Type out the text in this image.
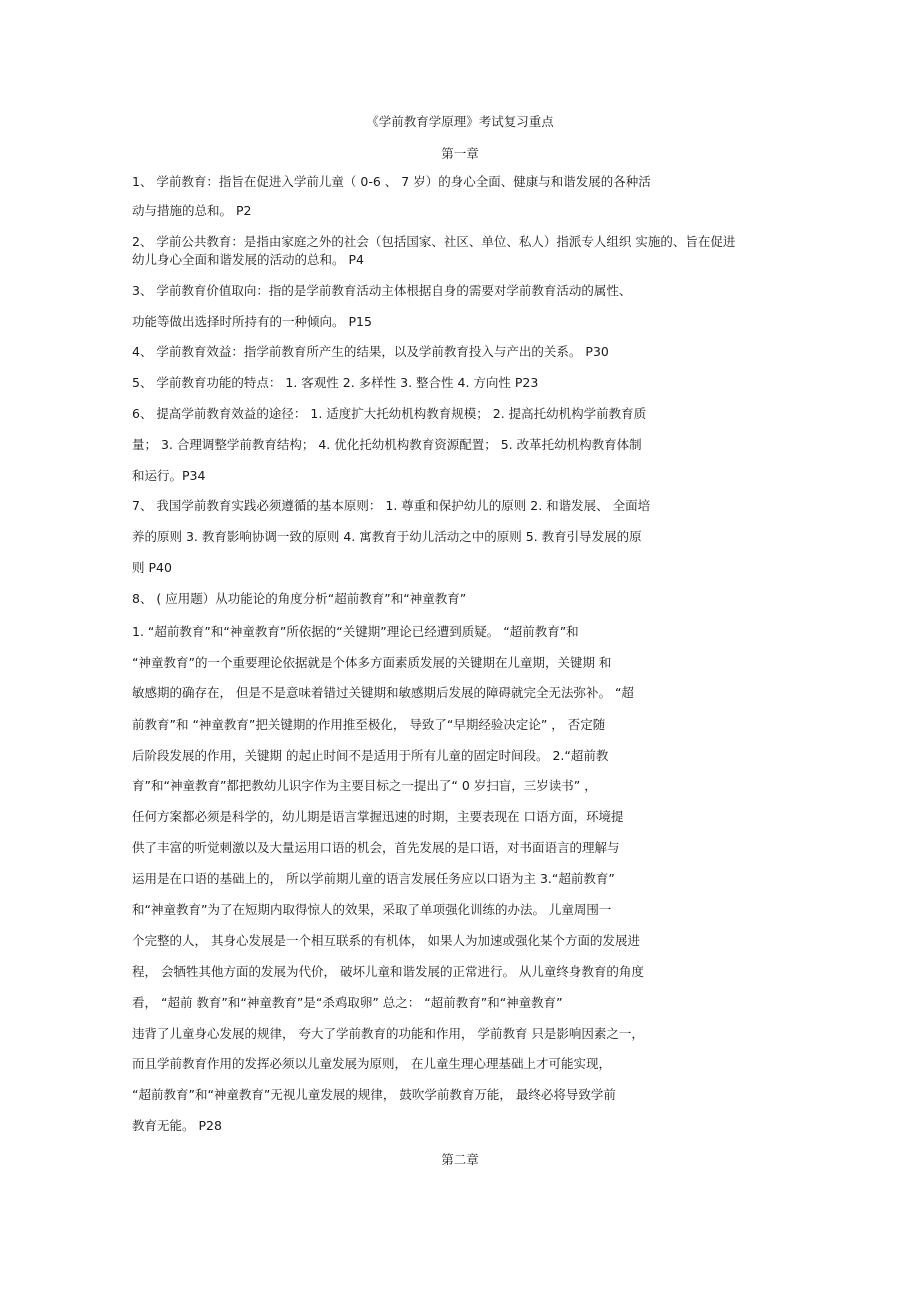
《学前教育学原理》考试复习重点
第一章
1、 学前教育：指旨在促进入学前儿童（ 0-6 、 7 岁）的身心全面、健康与和谐发展的各种活
动与措施的总和。 P2
2、 学前公共教育：是指由家庭之外的社会（包括国家、社区、单位、私人）指派专人组织 实施的、旨在促进
幼儿身心全面和谐发展的活动的总和。 P4
3、 学前教育价值取向：指的是学前教育活动主体根据自身的需要对学前教育活动的属性、
功能等做出选择时所持有的一种倾向。 P15
4、 学前教育效益：指学前教育所产生的结果，以及学前教育投入与产出的关系。 P30
5、 学前教育功能的特点： 1. 客观性 2. 多样性 3. 整合性 4. 方向性 P23
6、 提高学前教育效益的途径： 1. 适度扩大托幼机构教育规模； 2. 提高托幼机构学前教育质
量； 3. 合理调整学前教育结构； 4. 优化托幼机构教育资源配置； 5. 改革托幼机构教育体制
和运行。P34
7、 我国学前教育实践必须遵循的基本原则： 1. 尊重和保护幼儿的原则 2. 和谐发展、 全面培
养的原则 3. 教育影响协调一致的原则 4. 寓教育于幼儿活动之中的原则 5. 教育引导发展的原
则 P40
8、 ( 应用题）从功能论的角度分析“超前教育”和“神童教育”
1. “超前教育”和“神童教育”所依据的“关键期”理论已经遭到质疑。 “超前教育”和
“神童教育”的一个重要理论依据就是个体多方面素质发展的关键期在儿童期，关键期 和
敏感期的确存在， 但是不是意味着错过关键期和敏感期后发展的障碍就完全无法弥补。 “超
前教育”和 “神童教育”把关键期的作用推至极化， 导致了“早期经验决定论” ， 否定随
后阶段发展的作用，关键期 的起止时间不是适用于所有儿童的固定时间段。 2.“超前教
育”和“神童教育”都把教幼儿识字作为主要目标之一提出了“ 0 岁扫盲，三岁读书” ，
任何方案都必须是科学的，幼儿期是语言掌握迅速的时期，主要表现在 口语方面，环境提
供了丰富的听觉刺激以及大量运用口语的机会，首先发展的是口语，对书面语言的理解与
运用是在口语的基础上的， 所以学前期儿童的语言发展任务应以口语为主 3.“超前教育”
和“神童教育”为了在短期内取得惊人的效果，采取了单项强化训练的办法。 儿童周围一
个完整的人， 其身心发展是一个相互联系的有机体， 如果人为加速或强化某个方面的发展进
程， 会牺牲其他方面的发展为代价， 破坏儿童和谐发展的正常进行。 从儿童终身教育的角度
看， “超前 教育”和“神童教育”是“杀鸡取卵” 总之： “超前教育”和“神童教育”
违背了儿童身心发展的规律， 夸大了学前教育的功能和作用， 学前教育 只是影响因素之一，
而且学前教育作用的发挥必须以儿童发展为原则， 在儿童生理心理基础上才可能实现，
“超前教育”和“神童教育”无视儿童发展的规律， 鼓吹学前教育万能， 最终必将导致学前
教育无能。 P28
第二章
